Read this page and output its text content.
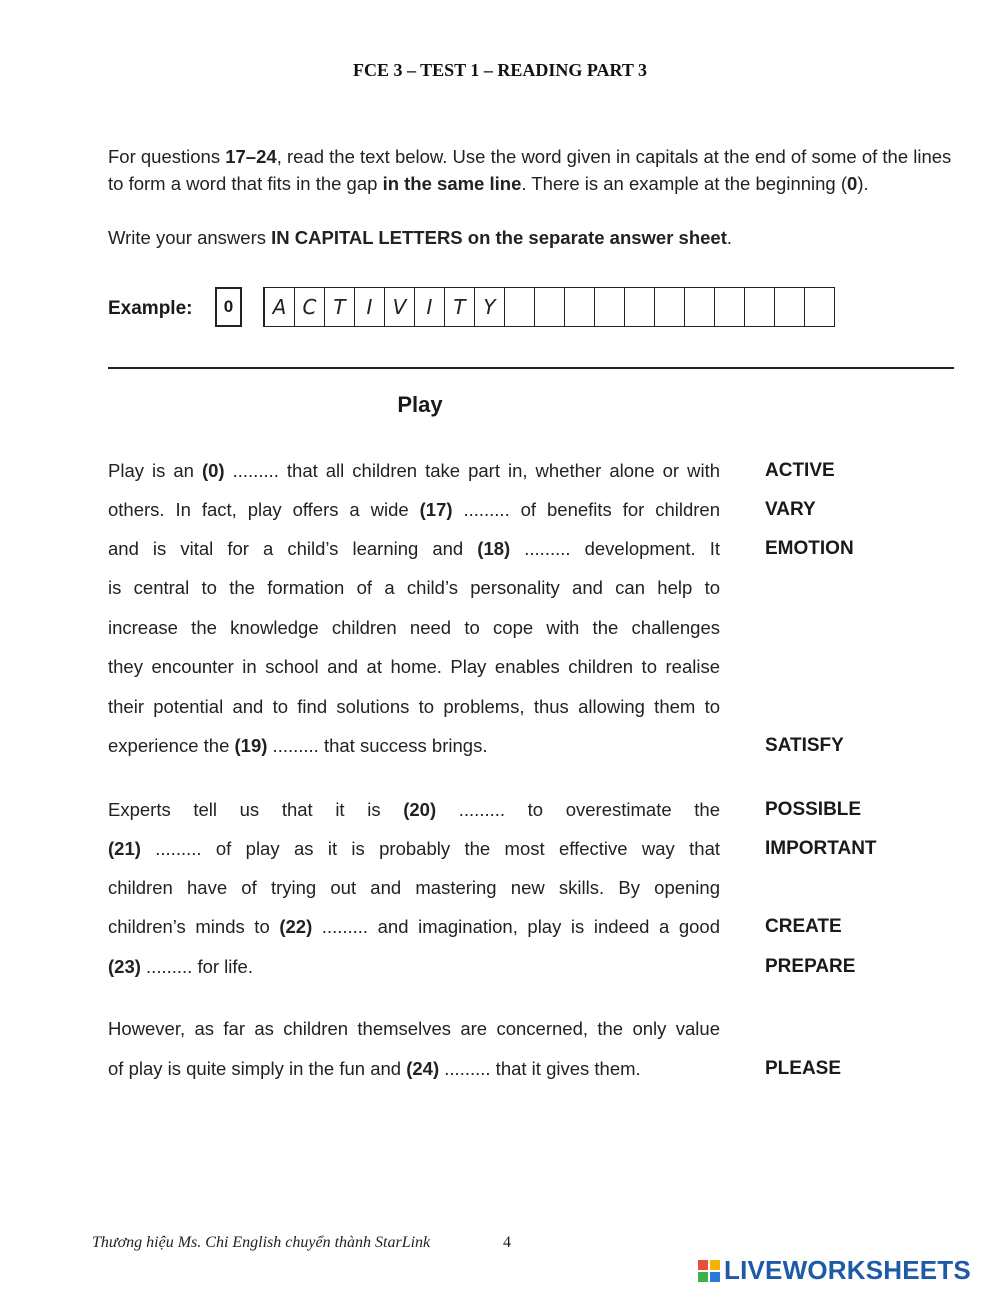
FCE 3 – TEST 1 – READING PART 3
For questions 17–24, read the text below. Use the word given in capitals at the end of some of the lines to form a word that fits in the gap in the same line. There is an example at the beginning (0).
Write your answers IN CAPITAL LETTERS on the separate answer sheet.
Example:	0	A C T	I	V	I	T Y
Play
Play is an (0) ......... that all children take part in, whether alone or with ACTIVE
others. In fact, play offers a wide (17) ......... of benefits for children VARY
and is vital for a child’s learning and (18) ......... development. It EMOTION
is central to the formation of a child’s personality and can help to
increase the knowledge children need to cope with the challenges
they encounter in school and at home. Play enables children to realise
their potential and to find solutions to problems, thus allowing them to
experience the (19) ......... that success brings.	SATISFY
Experts tell us that it is (20) ......... to overestimate the POSSIBLE
(21) ......... of play as it is probably the most effective way that IMPORTANT
children have of trying out and mastering new skills. By opening
children’s minds to (22) ......... and imagination, play is indeed a good CREATE
(23) ......... for life.	PREPARE
However, as far as children themselves are concerned, the only value
of play is quite simply in the fun and (24) ......... that it gives them.	PLEASE
Thương hiệu Ms. Chi English chuyển thành StarLink	4
LIVEWORKSHEETS
